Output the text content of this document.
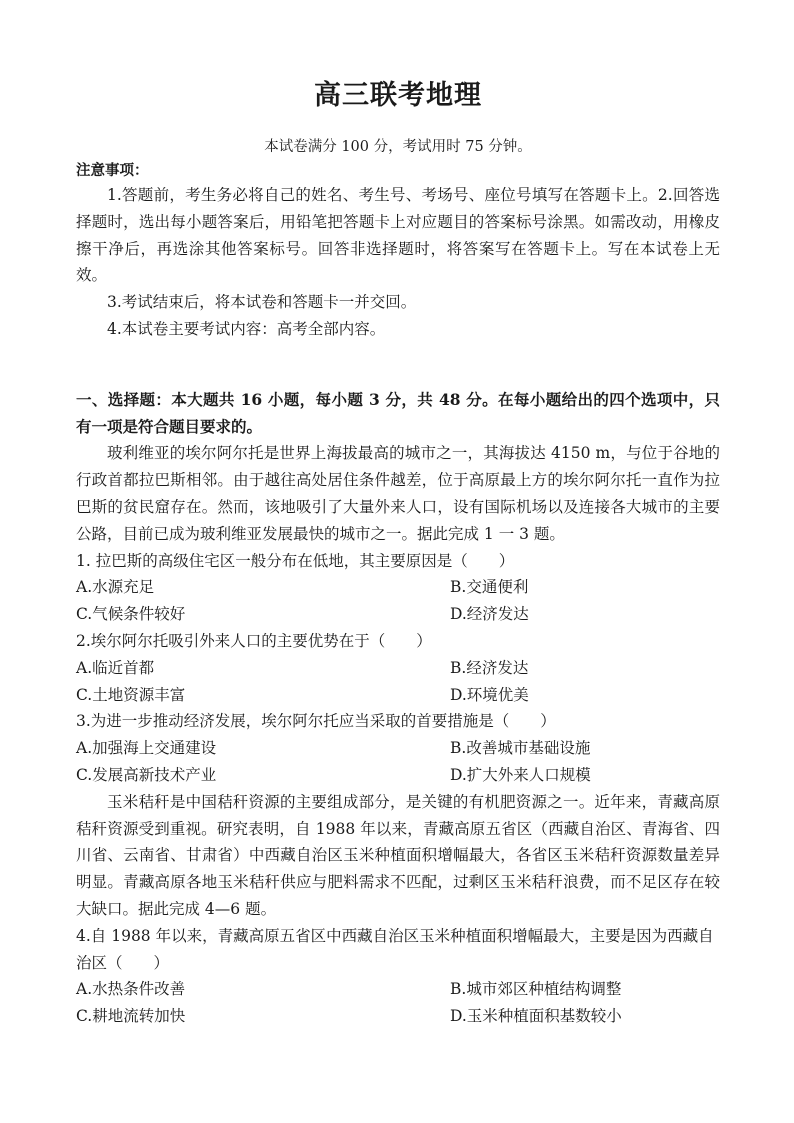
高三联考地理

本试卷满分 100 分，考试用时 75 分钟。

注意事项：

1.答题前，考生务必将自己的姓名、考生号、考场号、座位号填写在答题卡上。2.回答选择题时，选出每小题答案后，用铅笔把答题卡上对应题目的答案标号涂黑。如需改动，用橡皮擦干净后，再选涂其他答案标号。回答非选择题时，将答案写在答题卡上。写在本试卷上无效。

3.考试结束后，将本试卷和答题卡一并交回。

4.本试卷主要考试内容：高考全部内容。

一、选择题：本大题共 16 小题，每小题 3 分，共 48 分。在每小题给出的四个选项中，只有一项是符合题目要求的。

玻利维亚的埃尔阿尔托是世界上海拔最高的城市之一，其海拔达 4150 m，与位于谷地的行政首都拉巴斯相邻。由于越往高处居住条件越差，位于高原最上方的埃尔阿尔托一直作为拉巴斯的贫民窟存在。然而，该地吸引了大量外来人口，设有国际机场以及连接各大城市的主要公路，目前已成为玻利维亚发展最快的城市之一。据此完成 1 一 3 题。

1. 拉巴斯的高级住宅区一般分布在低地，其主要原因是（　　）

A.水源充足	B.交通便利
C.气候条件较好	D.经济发达

2.埃尔阿尔托吸引外来人口的主要优势在于（　　）

A.临近首都	B.经济发达
C.土地资源丰富	D.环境优美

3.为进一步推动经济发展，埃尔阿尔托应当采取的首要措施是（　　）

A.加强海上交通建设	B.改善城市基础设施
C.发展高新技术产业	D.扩大外来人口规模

玉米秸秆是中国秸秆资源的主要组成部分，是关键的有机肥资源之一。近年来，青藏高原秸秆资源受到重视。研究表明，自 1988 年以来，青藏高原五省区（西藏自治区、青海省、四川省、云南省、甘肃省）中西藏自治区玉米种植面积增幅最大，各省区玉米秸秆资源数量差异明显。青藏高原各地玉米秸秆供应与肥料需求不匹配，过剩区玉米秸秆浪费，而不足区存在较大缺口。据此完成 4—6 题。

4.自 1988 年以来，青藏高原五省区中西藏自治区玉米种植面积增幅最大，主要是因为西藏自治区（　　）

A.水热条件改善	B.城市郊区种植结构调整
C.耕地流转加快	D.玉米种植面积基数较小
